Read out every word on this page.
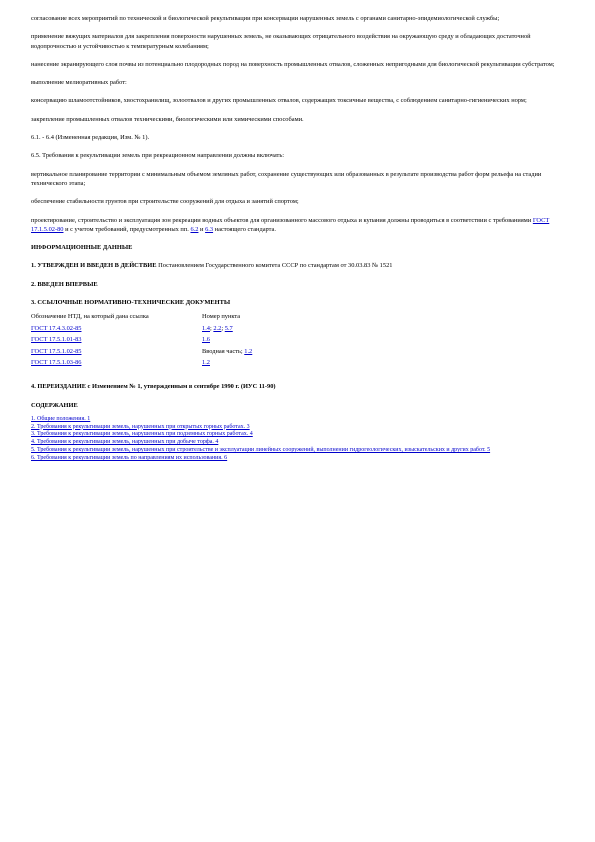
согласование всех мероприятий по технической и биологической рекультивации при консервации нарушенных земель с органами санитарно-эпидемиологической службы;

применение вяжущих материалов для закрепления поверхности нарушенных земель, не оказывающих отрицательного воздействия на окружающую среду и обладающих достаточной водопрочностью и устойчивостью к температурным колебаниям;

нанесение экранирующего слоя почвы из потенциально плодородных пород на поверхность промышленных отвалов, сложенных непригодными для биологической рекультивации субстратом;

выполнение мелиоративных работ:

консервацию шламоотстойников, хвостохранилищ, золоотвалов и других промышленных отвалов, содержащих токсичные вещества, с соблюдением санитарно-гигиенических норм;

закрепление промышленных отвалов техническими, биологическими или химическими способами.

6.1. - 6.4 (Измененная редакция, Изм. № 1).

6.5. Требования к рекультивации земель при рекреационном направлении должны включать:

вертикальное планирование территории с минимальным объемом земляных работ, сохранение существующих или образованных в результате производства работ форм рельефа на стадии технического этапа;

обеспечение стабильности грунтов при строительстве сооружений для отдыха и занятий спортом;

проектирование, строительство и эксплуатация зон рекреации водных объектов для организованного массового отдыха и купания должны проводиться в соответствии с требованиями ГОСТ 17.1.5.02-80 и с учетом требований, предусмотренных пп. 6.2 и 6.3 настоящего стандарта.

ИНФОРМАЦИОННЫЕ ДАННЫЕ

1. УТВЕРЖДЕН И ВВЕДЕН В ДЕЙСТВИЕ Постановлением Государственного комитета СССР по стандартам от 30.03.83 № 1521

2. ВВЕДЕН ВПЕРВЫЕ

3. ССЫЛОЧНЫЕ НОРМАТИВНО-ТЕХНИЧЕСКИЕ ДОКУМЕНТЫ

Обозначение НТД, на который дана ссылка	Номер пункта
ГОСТ 17.4.3.02-85	1.4; 2.2; 5.7
ГОСТ 17.5.1.01-83	1.6
ГОСТ 17.5.1.02-85	Вводная часть; 1.2
ГОСТ 17.5.1.03-86	1.2

4. ПЕРЕИЗДАНИЕ с Изменением № 1, утвержденным в сентябре 1990 г. (ИУС 11-90)

СОДЕРЖАНИЕ

1. Общие положения. 1
2. Требования к рекультивации земель, нарушенных при открытых горных работах. 3
3. Требования к рекультивации земель, нарушенных при подземных горных работах. 4
4. Требования к рекультивации земель, нарушенных при добыче торфа. 4
5. Требования к рекультивации земель, нарушенных при строительстве и эксплуатации линейных сооружений, выполнении гидрогеологических, изыскательских и других работ. 5
6. Требования к рекультивации земель по направлениям их использования. 6
